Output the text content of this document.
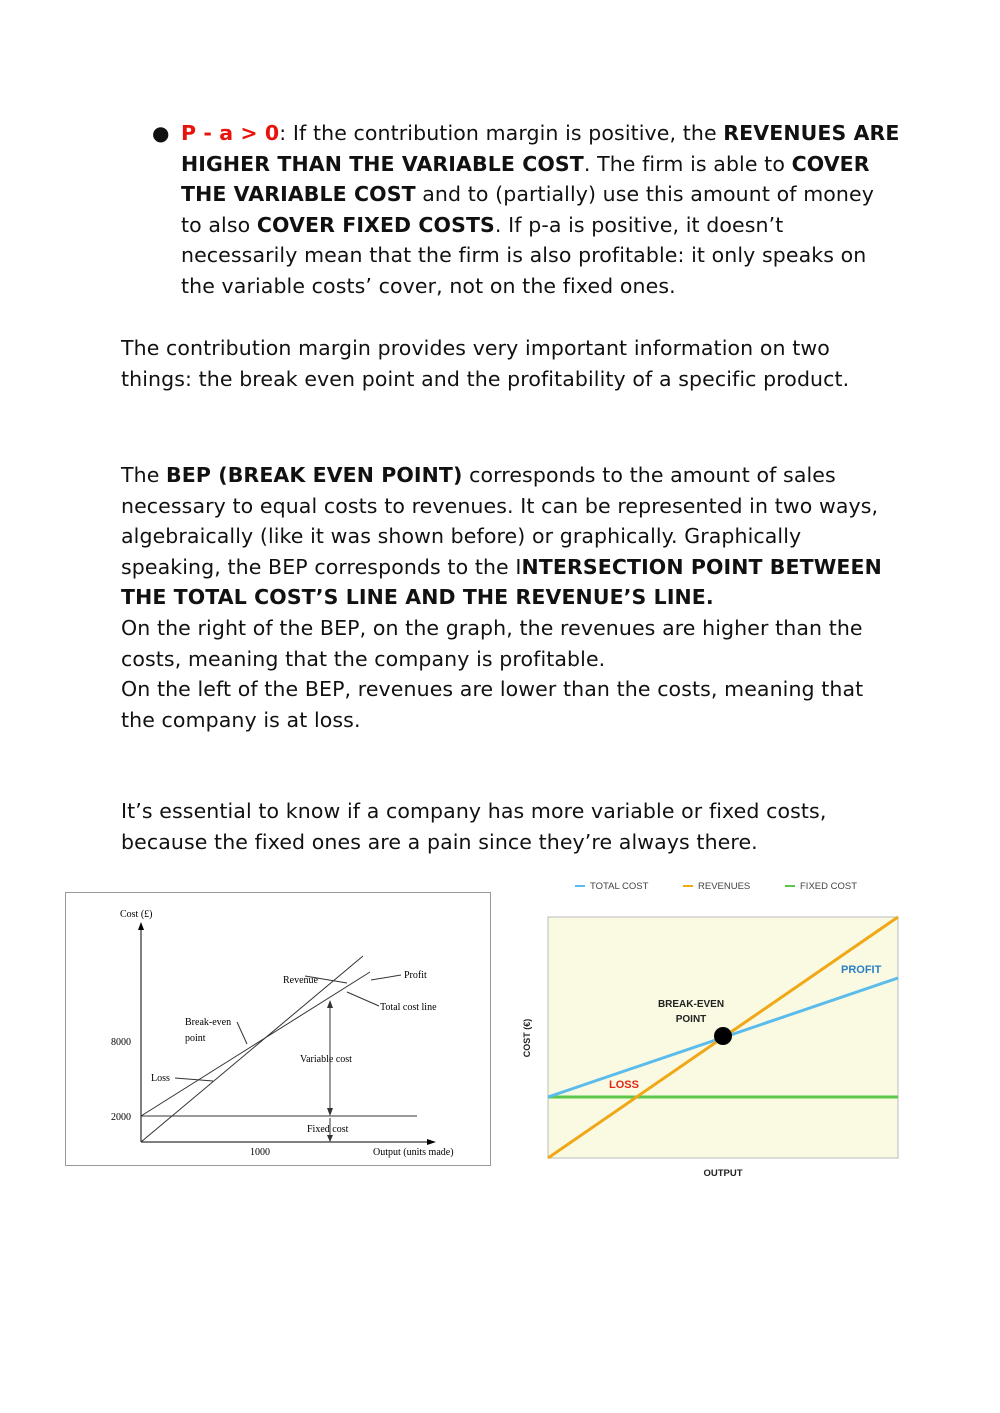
● P - a > 0: If the contribution margin is positive, the REVENUES ARE HIGHER THAN THE VARIABLE COST. The firm is able to COVER THE VARIABLE COST and to (partially) use this amount of money to also COVER FIXED COSTS. If p-a is positive, it doesn’t necessarily mean that the firm is also profitable: it only speaks on the variable costs’ cover, not on the fixed ones.
The contribution margin provides very important information on two things: the break even point and the profitability of a specific product.
The BEP (BREAK EVEN POINT) corresponds to the amount of sales necessary to equal costs to revenues. It can be represented in two ways, algebraically (like it was shown before) or graphically. Graphically speaking, the BEP corresponds to the INTERSECTION POINT BETWEEN THE TOTAL COST’S LINE AND THE REVENUE’S LINE.
On the right of the BEP, on the graph, the revenues are higher than the costs, meaning that the company is profitable.
On the left of the BEP, revenues are lower than the costs, meaning that the company is at loss.
It’s essential to know if a company has more variable or fixed costs, because the fixed ones are a pain since they’re always there.
Cost (£)
8000
2000
1000	Output (units made)
Revenue	Profit
Total cost line
Break-even
point
Loss
Variable cost
Fixed cost
TOTAL COST	REVENUES	FIXED COST
BREAK-EVEN
POINT
PROFIT
LOSS
OUTPUT
COST (€)
